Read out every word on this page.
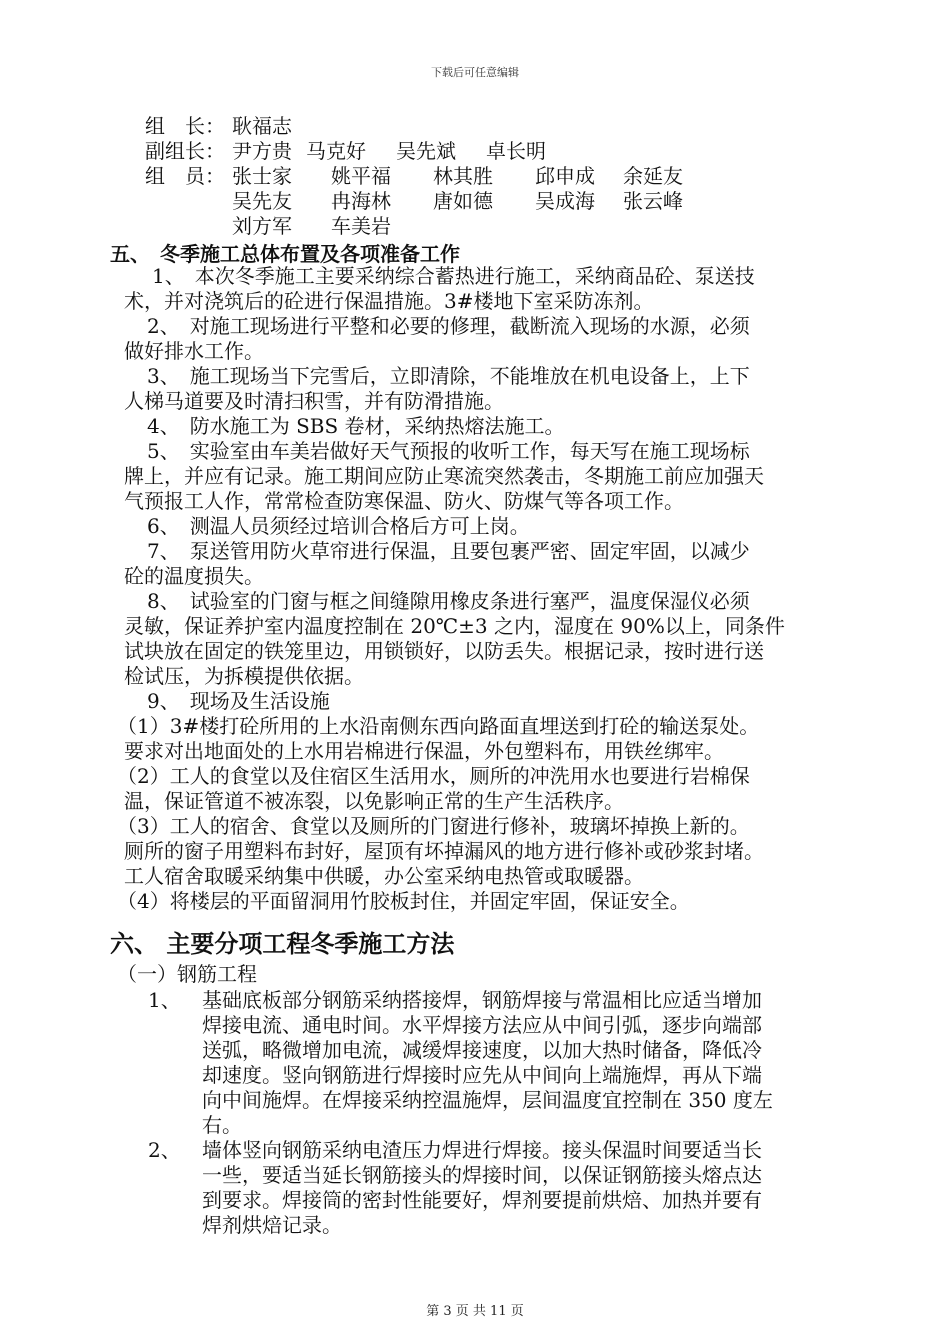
下载后可任意编辑
组　长： 耿福志
副组长： 尹方贵 马克好 吴先斌 卓长明
组　员： 张士家 姚平福 林其胜 邱申成 余延友
吴先友 冉海林 唐如德 吴成海 张云峰
刘方军 车美岩
五、　冬季施工总体布置及各项准备工作
1、　本次冬季施工主要采纳综合蓄热进行施工，采纳商品砼、泵送技
术，并对浇筑后的砼进行保温措施。3#楼地下室采防冻剂。
2、　对施工现场进行平整和必要的修理，截断流入现场的水源，必须
做好排水工作。
3、　施工现场当下完雪后，立即清除，不能堆放在机电设备上，上下
人梯马道要及时清扫积雪，并有防滑措施。
4、　防水施工为 SBS 卷材，采纳热熔法施工。
5、　实验室由车美岩做好天气预报的收听工作，每天写在施工现场标
牌上，并应有记录。施工期间应防止寒流突然袭击，冬期施工前应加强天
气预报工人作，常常检查防寒保温、防火、防煤气等各项工作。
6、　测温人员须经过培训合格后方可上岗。
7、　泵送管用防火草帘进行保温，且要包裹严密、固定牢固，以减少
砼的温度损失。
8、　试验室的门窗与框之间缝隙用橡皮条进行塞严，温度保湿仪必须
灵敏，保证养护室内温度控制在 20℃±3 之内，湿度在 90%以上，同条件
试块放在固定的铁笼里边，用锁锁好，以防丢失。根据记录，按时进行送
检试压，为拆模提供依据。
9、　现场及生活设施
（1）3#楼打砼所用的上水沿南侧东西向路面直埋送到打砼的输送泵处。
要求对出地面处的上水用岩棉进行保温，外包塑料布，用铁丝绑牢。
（2）工人的食堂以及住宿区生活用水，厕所的冲洗用水也要进行岩棉保
温，保证管道不被冻裂，以免影响正常的生产生活秩序。
（3）工人的宿舍、食堂以及厕所的门窗进行修补，玻璃坏掉换上新的。
厕所的窗子用塑料布封好，屋顶有坏掉漏风的地方进行修补或砂浆封堵。
工人宿舍取暖采纳集中供暖，办公室采纳电热管或取暖器。
（4）将楼层的平面留洞用竹胶板封住，并固定牢固，保证安全。
六、 主要分项工程冬季施工方法
（一）钢筋工程
1、 基础底板部分钢筋采纳搭接焊，钢筋焊接与常温相比应适当增加
焊接电流、通电时间。水平焊接方法应从中间引弧，逐步向端部
送弧，略微增加电流，减缓焊接速度，以加大热时储备，降低冷
却速度。竖向钢筋进行焊接时应先从中间向上端施焊，再从下端
向中间施焊。在焊接采纳控温施焊，层间温度宜控制在 350 度左
右。
2、 墙体竖向钢筋采纳电渣压力焊进行焊接。接头保温时间要适当长
一些，要适当延长钢筋接头的焊接时间，以保证钢筋接头熔点达
到要求。焊接筒的密封性能要好，焊剂要提前烘焙、加热并要有
焊剂烘焙记录。
第 3 页 共 11 页
